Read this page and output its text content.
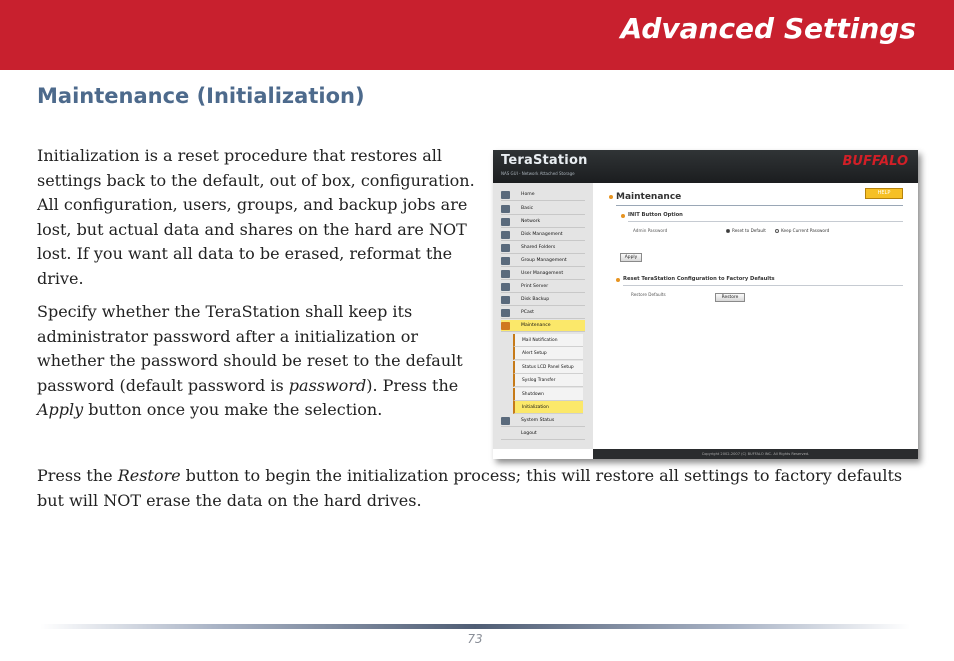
Advanced Settings
Maintenance (Initialization)

Initialization is a reset procedure that restores all settings back to the default, out of box, configuration. All configuration, users, groups, and backup jobs are lost, but actual data and shares on the hard are NOT lost. If you want all data to be erased, reformat the drive.

Specify whether the TeraStation shall keep its administrator password after a initialization or whether the password should be reset to the default password (default password is password). Press the Apply button once you make the selection.

Press the Restore button to begin the initialization process; this will restore all settings to factory defaults but will NOT erase the data on the hard drives.

TeraStation
NAS GUI - Network Attached Storage
BUFFALO
Home
Basic
Network
Disk Management
Shared Folders
Group Management
User Management
Print Server
Disk Backup
PCast
Maintenance
Mail Notification
Alert Setup
Status LCD Panel Setup
Syslog Transfer
Shutdown
Initialization
System Status
Logout
Maintenance	HELP
INIT Button Option
Admin Password	Reset to Default	Keep Current Password
Apply
Reset TeraStation Configuration to Factory Defaults
Restore Defaults
Restore
Copyright 2002-2007 (C) BUFFALO INC. All Rights Reserved.
73
